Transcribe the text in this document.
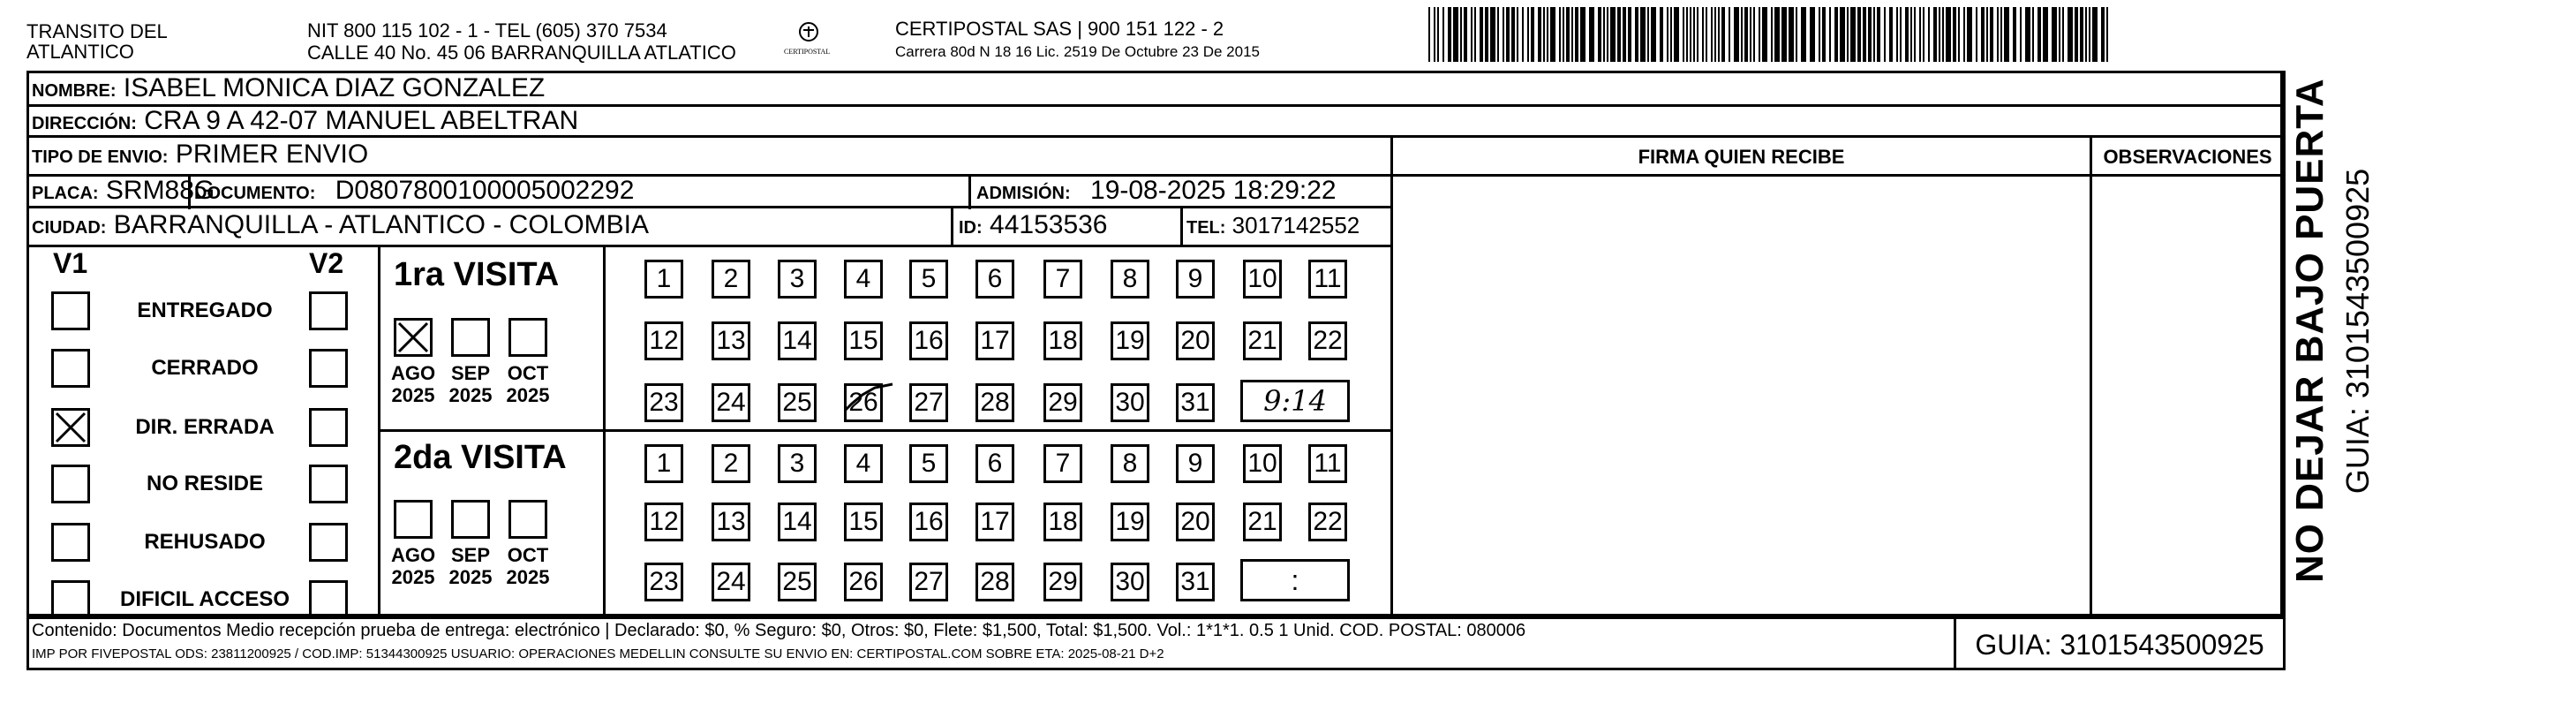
TRANSITO DEL
ATLANTICO
NIT 800 115 102 - 1 - TEL (605) 370 7534
CALLE 40 No. 45 06 BARRANQUILLA ATLATICO	CERTIPOSTAL
CERTIPOSTAL SAS | 900 151 122 - 2
Carrera 80d N 18 16 Lic. 2519 De Octubre 23 De 2015
NOMBRE: ISABEL MONICA DIAZ GONZALEZ
DIRECCIÓN: CRA 9 A 42-07 MANUEL ABELTRAN
TIPO DE ENVIO: PRIMER ENVIO	FIRMA QUIEN RECIBE	OBSERVACIONES
PLACA: SRM88G
DOCUMENTO: D0807800100005002292	ADMISIÓN: 19-08-2025 18:29:22
CIUDAD: BARRANQUILLA - ATLANTICO - COLOMBIA	ID: 44153536	TEL: 3017142552
V1	V2
ENTREGADO
CERRADO
DIR. ERRADA
NO RESIDE
REHUSADO
DIFICIL ACCESO
1ra VISITA
2da VISITA
AGO
2025
SEP
2025
OCT
2025
AGO
2025
SEP
2025
OCT
2025
1	2	3	4	5	6	7	8	9	10 11
12 13 14 15 16 17 18 19 20 21 22
23 24 25 26 27 28 29 30 31	9:14
1	2	3	4	5	6	7	8	9	10 11
12 13 14 15 16 17 18 19 20 21 22
23 24 25 26 27 28 29 30 31	:	NO DEJAR BAJO PUERTA GUIA: 3101543500925
Contenido: Documentos Medio recepción prueba de entrega: electrónico | Declarado: $0, % Seguro: $0, Otros: $0, Flete: $1,500, Total: $1,500. Vol.: 1*1*1. 0.5 1 Unid. COD. POSTAL: 080006
IMP POR FIVEPOSTAL ODS: 23811200925 / COD.IMP: 51344300925 USUARIO: OPERACIONES MEDELLIN CONSULTE SU ENVIO EN: CERTIPOSTAL.COM SOBRE ETA: 2025-08-21 D+2	GUIA: 3101543500925
